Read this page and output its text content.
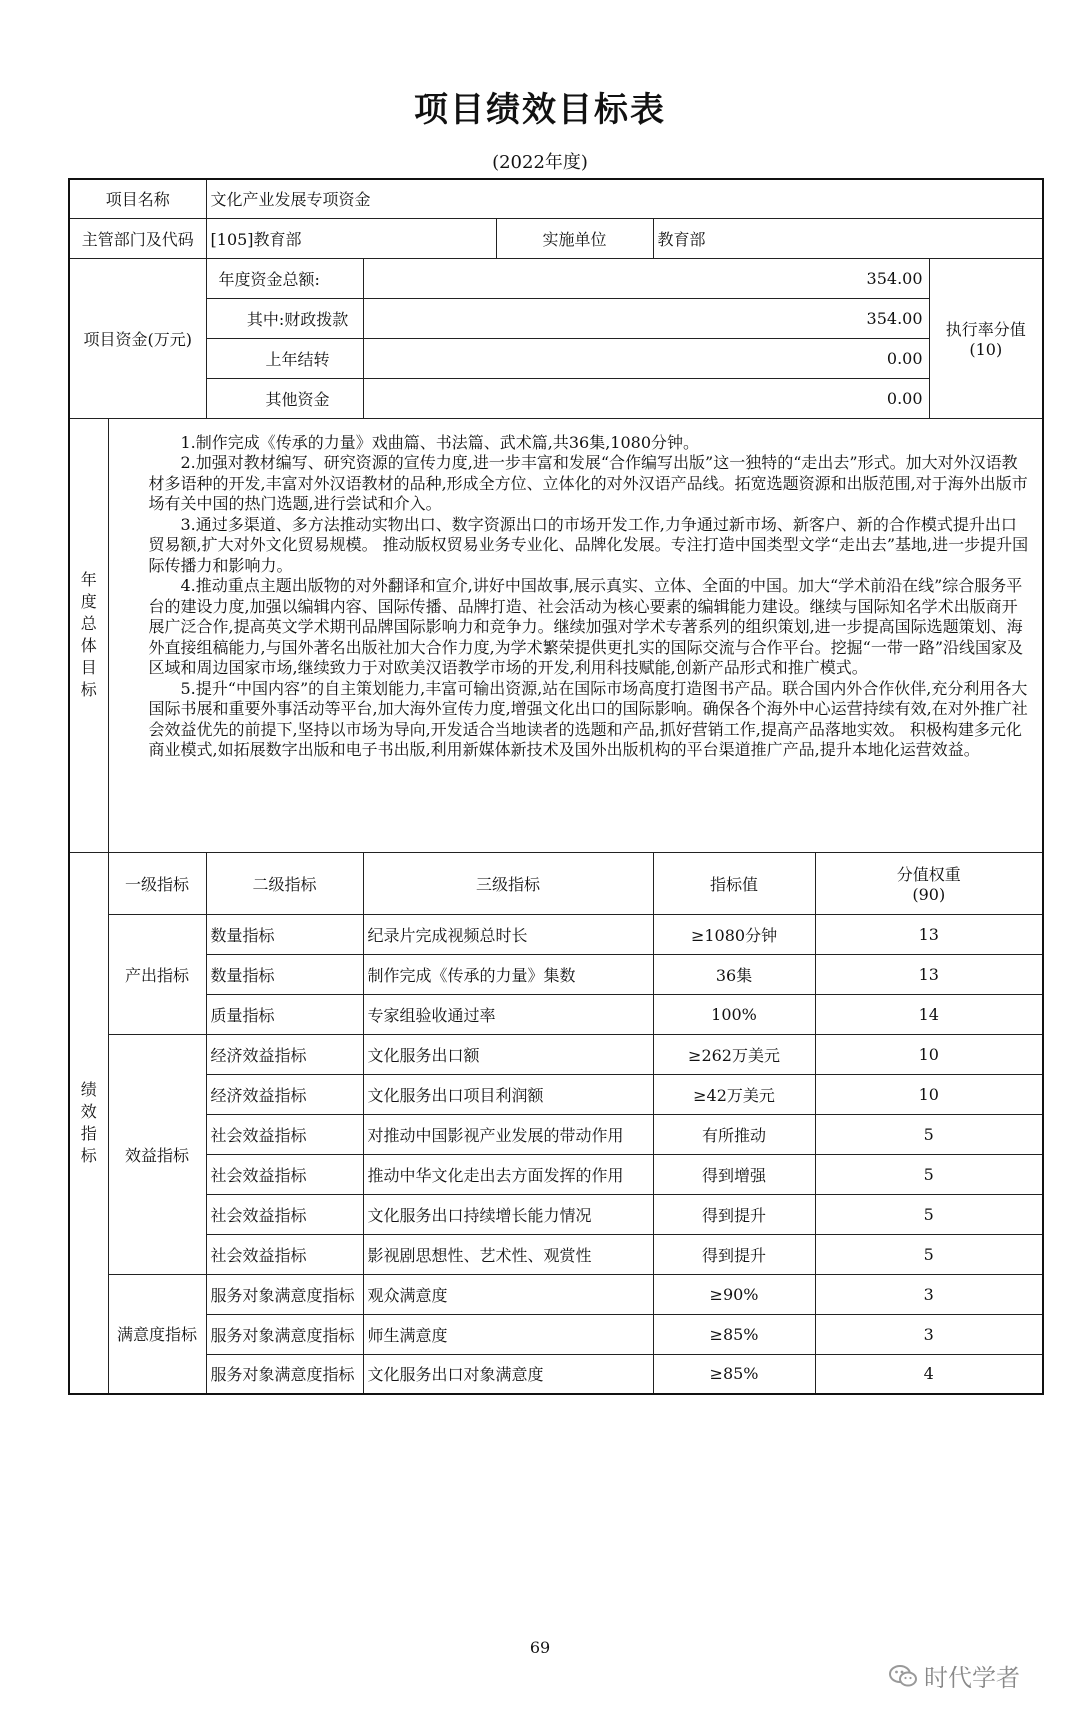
项目绩效目标表
(2022年度)
项目名称		文化产业发展专项资金					
主管部门及代码		[105]教育部		实施单位	教育部		
项目资金(万元)		年度资金总额:	354.00				执行率分值
(10)

		其中:财政拨款	354.00				
		上年结转	0.00				
		其他资金	0.00				
年度总体目标	1.制作完成《传承的力量》戏曲篇、书法篇、武术篇,共36集,1080分钟。

2.加强对教材编写、研究资源的宣传力度,进一步丰富和发展“合作编写出版”这一独特的“走出去”形式。加大对外汉语教材多语种的开发,丰富对外汉语教材的品种,形成全方位、立体化的对外汉语产品线。拓宽选题资源和出版范围,对于海外出版市场有关中国的热门选题,进行尝试和介入。

3.通过多渠道、多方法推动实物出口、数字资源出口的市场开发工作,力争通过新市场、新客户、新的合作模式提升出口贸易额,扩大对外文化贸易规模。 推动版权贸易业务专业化、品牌化发展。专注打造中国类型文学“走出去”基地,进一步提升国际传播力和影响力。

4.推动重点主题出版物的对外翻译和宣介,讲好中国故事,展示真实、立体、全面的中国。加大“学术前沿在线”综合服务平台的建设力度,加强以编辑内容、国际传播、品牌打造、社会活动为核心要素的编辑能力建设。继续与国际知名学术出版商开展广泛合作,提高英文学术期刊品牌国际影响力和竞争力。继续加强对学术专著系列的组织策划,进一步提高国际选题策划、海外直接组稿能力,与国外著名出版社加大合作力度,为学术繁荣提供更扎实的国际交流与合作平台。挖掘“一带一路”沿线国家及区域和周边国家市场,继续致力于对欧美汉语教学市场的开发,利用科技赋能,创新产品形式和推广模式。

5.提升“中国内容”的自主策划能力,丰富可输出资源,站在国际市场高度打造图书产品。联合国内外合作伙伴,充分利用各大国际书展和重要外事活动等平台,加大海外宣传力度,增强文化出口的国际影响。确保各个海外中心运营持续有效,在对外推广社会效益优先的前提下,坚持以市场为导向,开发适合当地读者的选题和产品,抓好营销工作,提高产品落地实效。 积极构建多元化商业模式,如拓展数字出版和电子书出版,利用新媒体新技术及国外出版机构的平台渠道推广产品,提升本地化运营效益。						

绩效指标	一级指标	二级指标	三级指标		指标值	分值权重
(90)	

	产出指标	数量指标	纪录片完成视频总时长		≥1080分钟	13	
		数量指标	制作完成《传承的力量》集数		36集	13	
		质量指标	专家组验收通过率		100%	14	
	效益指标	经济效益指标	文化服务出口额		≥262万美元	10	
		经济效益指标	文化服务出口项目利润额		≥42万美元	10	
		社会效益指标	对推动中国影视产业发展的带动作用		有所推动	5	
		社会效益指标	推动中华文化走出去方面发挥的作用		得到增强	5	
		社会效益指标	文化服务出口持续增长能力情况		得到提升	5	
		社会效益指标	影视剧思想性、艺术性、观赏性		得到提升	5	
	满意度指标	服务对象满意度指标	观众满意度		≥90%	3	
		服务对象满意度指标	师生满意度		≥85%	3	
		服务对象满意度指标	文化服务出口对象满意度		≥85%	4	
69
时代学者
